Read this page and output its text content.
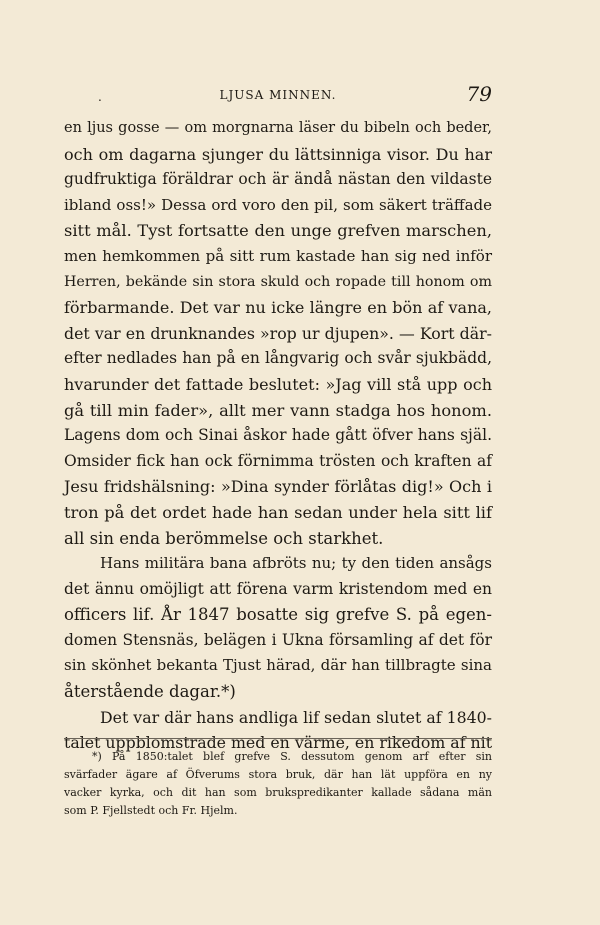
.	LJUSA MINNEN.	79
en ljus gosse — om morgnarna läser du bibeln och beder,
och om dagarna sjunger du lättsinniga visor. Du har
gudfruktiga föräldrar och är ändå nästan den vildaste
ibland oss!» Dessa ord voro den pil, som säkert träffade
sitt mål. Tyst fortsatte den unge grefven marschen,
men hemkommen på sitt rum kastade han sig ned inför
Herren, bekände sin stora skuld och ropade till honom om
förbarmande. Det var nu icke längre en bön af vana,
det var en drunknandes »rop ur djupen». — Kort där-
efter nedlades han på en långvarig och svår sjukbädd,
hvarunder det fattade beslutet: »Jag vill stå upp och
gå till min fader», allt mer vann stadga hos honom.
Lagens dom och Sinai åskor hade gått öfver hans själ.
Omsider fick han ock förnimma trösten och kraften af
Jesu fridshälsning: »Dina synder förlåtas dig!» Och i
tron på det ordet hade han sedan under hela sitt lif
all sin enda berömmelse och starkhet.
Hans militära bana afbröts nu; ty den tiden ansågs
det ännu omöjligt att förena varm kristendom med en
officers lif. År 1847 bosatte sig grefve S. på egen-
domen Stensnäs, belägen i Ukna församling af det för
sin skönhet bekanta Tjust härad, där han tillbragte sina
återstående dagar.*)
Det var där hans andliga lif sedan slutet af 1840-
talet uppblomstrade med en värme, en rikedom af nit
*) På 1850:talet blef grefve S. dessutom genom arf efter sin
svärfader ägare af Öfverums stora bruk, där han lät uppföra en ny
vacker kyrka, och dit han som brukspredikanter kallade sådana män
som P. Fjellstedt och Fr. Hjelm.
